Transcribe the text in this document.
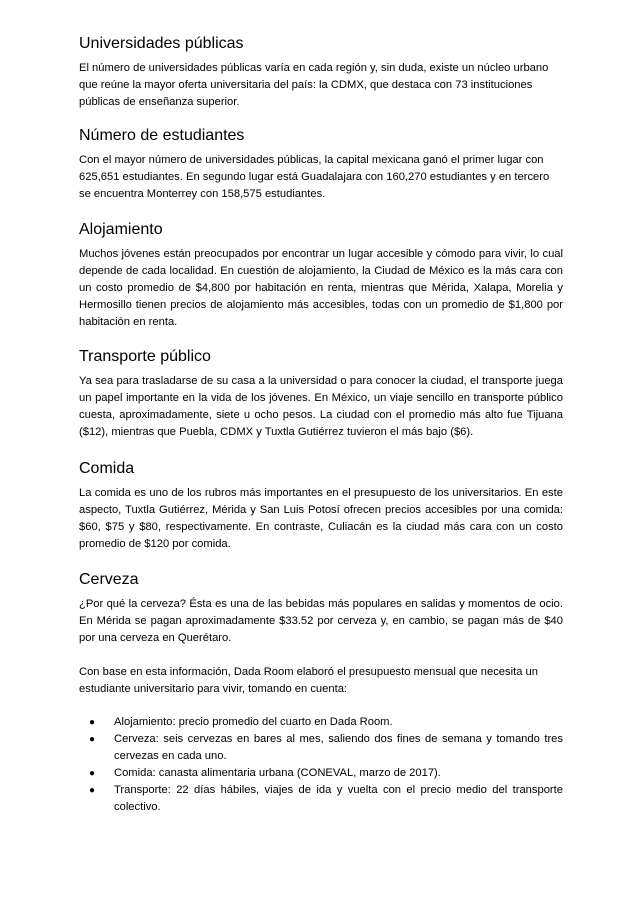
Universidades públicas

El número de universidades públicas varía en cada región y, sin duda, existe un núcleo urbano que reúne la mayor oferta universitaria del país: la CDMX, que destaca con 73 instituciones públicas de enseñanza superior.

Número de estudiantes

Con el mayor número de universidades públicas, la capital mexicana ganó el primer lugar con 625,651 estudiantes. En segundo lugar está Guadalajara con 160,270 estudiantes y en tercero se encuentra Monterrey con 158,575 estudiantes.

Alojamiento

Muchos jóvenes están preocupados por encontrar un lugar accesible y cómodo para vivir, lo cual depende de cada localidad. En cuestión de alojamiento, la Ciudad de México es la más cara con un costo promedio de $4,800 por habitación en renta, mientras que Mérida, Xalapa, Morelia y Hermosillo tienen precios de alojamiento más accesibles, todas con un promedio de $1,800 por habitación en renta.

Transporte público

Ya sea para trasladarse de su casa a la universidad o para conocer la ciudad, el transporte juega un papel importante en la vida de los jóvenes. En México, un viaje sencillo en transporte público cuesta, aproximadamente, siete u ocho pesos. La ciudad con el promedio más alto fue Tijuana ($12), mientras que Puebla, CDMX y Tuxtla Gutiérrez tuvieron el más bajo ($6).

Comida

La comida es uno de los rubros más importantes en el presupuesto de los universitarios. En este aspecto, Tuxtla Gutiérrez, Mérida y San Luis Potosí ofrecen precios accesibles por una comida: $60, $75 y $80, respectivamente. En contraste, Culiacán es la ciudad más cara con un costo promedio de $120 por comida.

Cerveza

¿Por qué la cerveza? Ésta es una de las bebidas más populares en salidas y momentos de ocio. En Mérida se pagan aproximadamente $33.52 por cerveza y, en cambio, se pagan más de $40 por una cerveza en Querétaro.

Con base en esta información, Dada Room elaboró el presupuesto mensual que necesita un estudiante universitario para vivir, tomando en cuenta:

●	Alojamiento: precio promedio del cuarto en Dada Room.
●	Cerveza: seis cervezas en bares al mes, saliendo dos fines de semana y tomando tres cervezas en cada uno.
●	Comida: canasta alimentaria urbana (CONEVAL, marzo de 2017).
●	Transporte: 22 días hábiles, viajes de ida y vuelta con el precio medio del transporte colectivo.
